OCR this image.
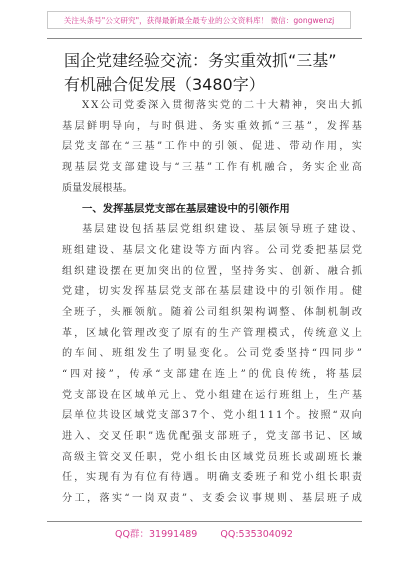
关注头条号"公文研究"，获得最新最全最专业的公文资料库！ 微信：gongwenzj
国企党建经验交流：务实重效抓“三基”
有机融合促发展（3480字）
X X 公 司 党 委 深 入 贯 彻 落 实 党 的 二 十 大 精 神 ， 突 出 大 抓
基 层 鲜 明 导 向 ， 与 时 俱 进 、 务 实 重 效 抓 “ 三 基 ” ， 发 挥 基
层 党 支 部 在 “ 三 基 ” 工 作 中 的 引 领 、 促 进 、 带 动 作 用 ， 实
现 基 层 党 支 部 建 设 与 “ 三 基 ” 工 作 有 机 融 合 ， 务 实 企 业 高
质量发展根基。
一、发挥基层党支部在基层建设中的引领作用
基 层 建 设 包 括 基 层 党 组 织 建 设 、 基 层 领 导 班 子 建 设 、
班 组 建 设 、 基 层 文 化 建 设 等 方 面 内 容 。 公 司 党 委 把 基 层 党
组 织 建 设 摆 在 更 加 突 出 的 位 置 ， 坚 持 务 实 、 创 新 、 融 合 抓
党 建 ， 切 实 发 挥 基 层 党 支 部 在 基 层 建 设 中 的 引 领 作 用 。 健
全 班 子 ， 头 雁 领 航 。 随 着 公 司 组 织 架 构 调 整 、 体 制 机 制 改
革 ， 区 域 化 管 理 改 变 了 原 有 的 生 产 管 理 模 式 ， 传 统 意 义 上
的 车 间 、 班 组 发 生 了 明 显 变 化 。 公 司 党 委 坚 持 “ 四 同 步 ”
“ 四 对 接 ” ， 传 承 “ 支 部 建 在 连 上 ” 的 优 良 传 统 ， 将 基 层
党 支 部 设 在 区 域 单 元 上 、 党 小 组 建 在 运 行 班 组 上 ， 生 产 基
层 单 位 共 设 区 域 党 支 部 3 7 个 、 党 小 组 1 1 1 个 。 按 照 “ 双 向
进 入 、 交 叉 任 职 ” 选 优 配 强 支 部 班 子 ， 党 支 部 书 记 、 区 域
高 级 主 管 交 叉 任 职 ， 党 小 组 长 由 区 域 党 员 班 长 或 副 班 长 兼
任 ， 实 现 有 为 有 位 有 待 遇 。 明 确 支 委 班 子 和 党 小 组 长 职 责
分 工 ， 落 实 “ 一 岗 双 责 ” 、 支 委 会 议 事 规 则 、 基 层 班 子 成
QQ群：31991489 QQ:535304092
